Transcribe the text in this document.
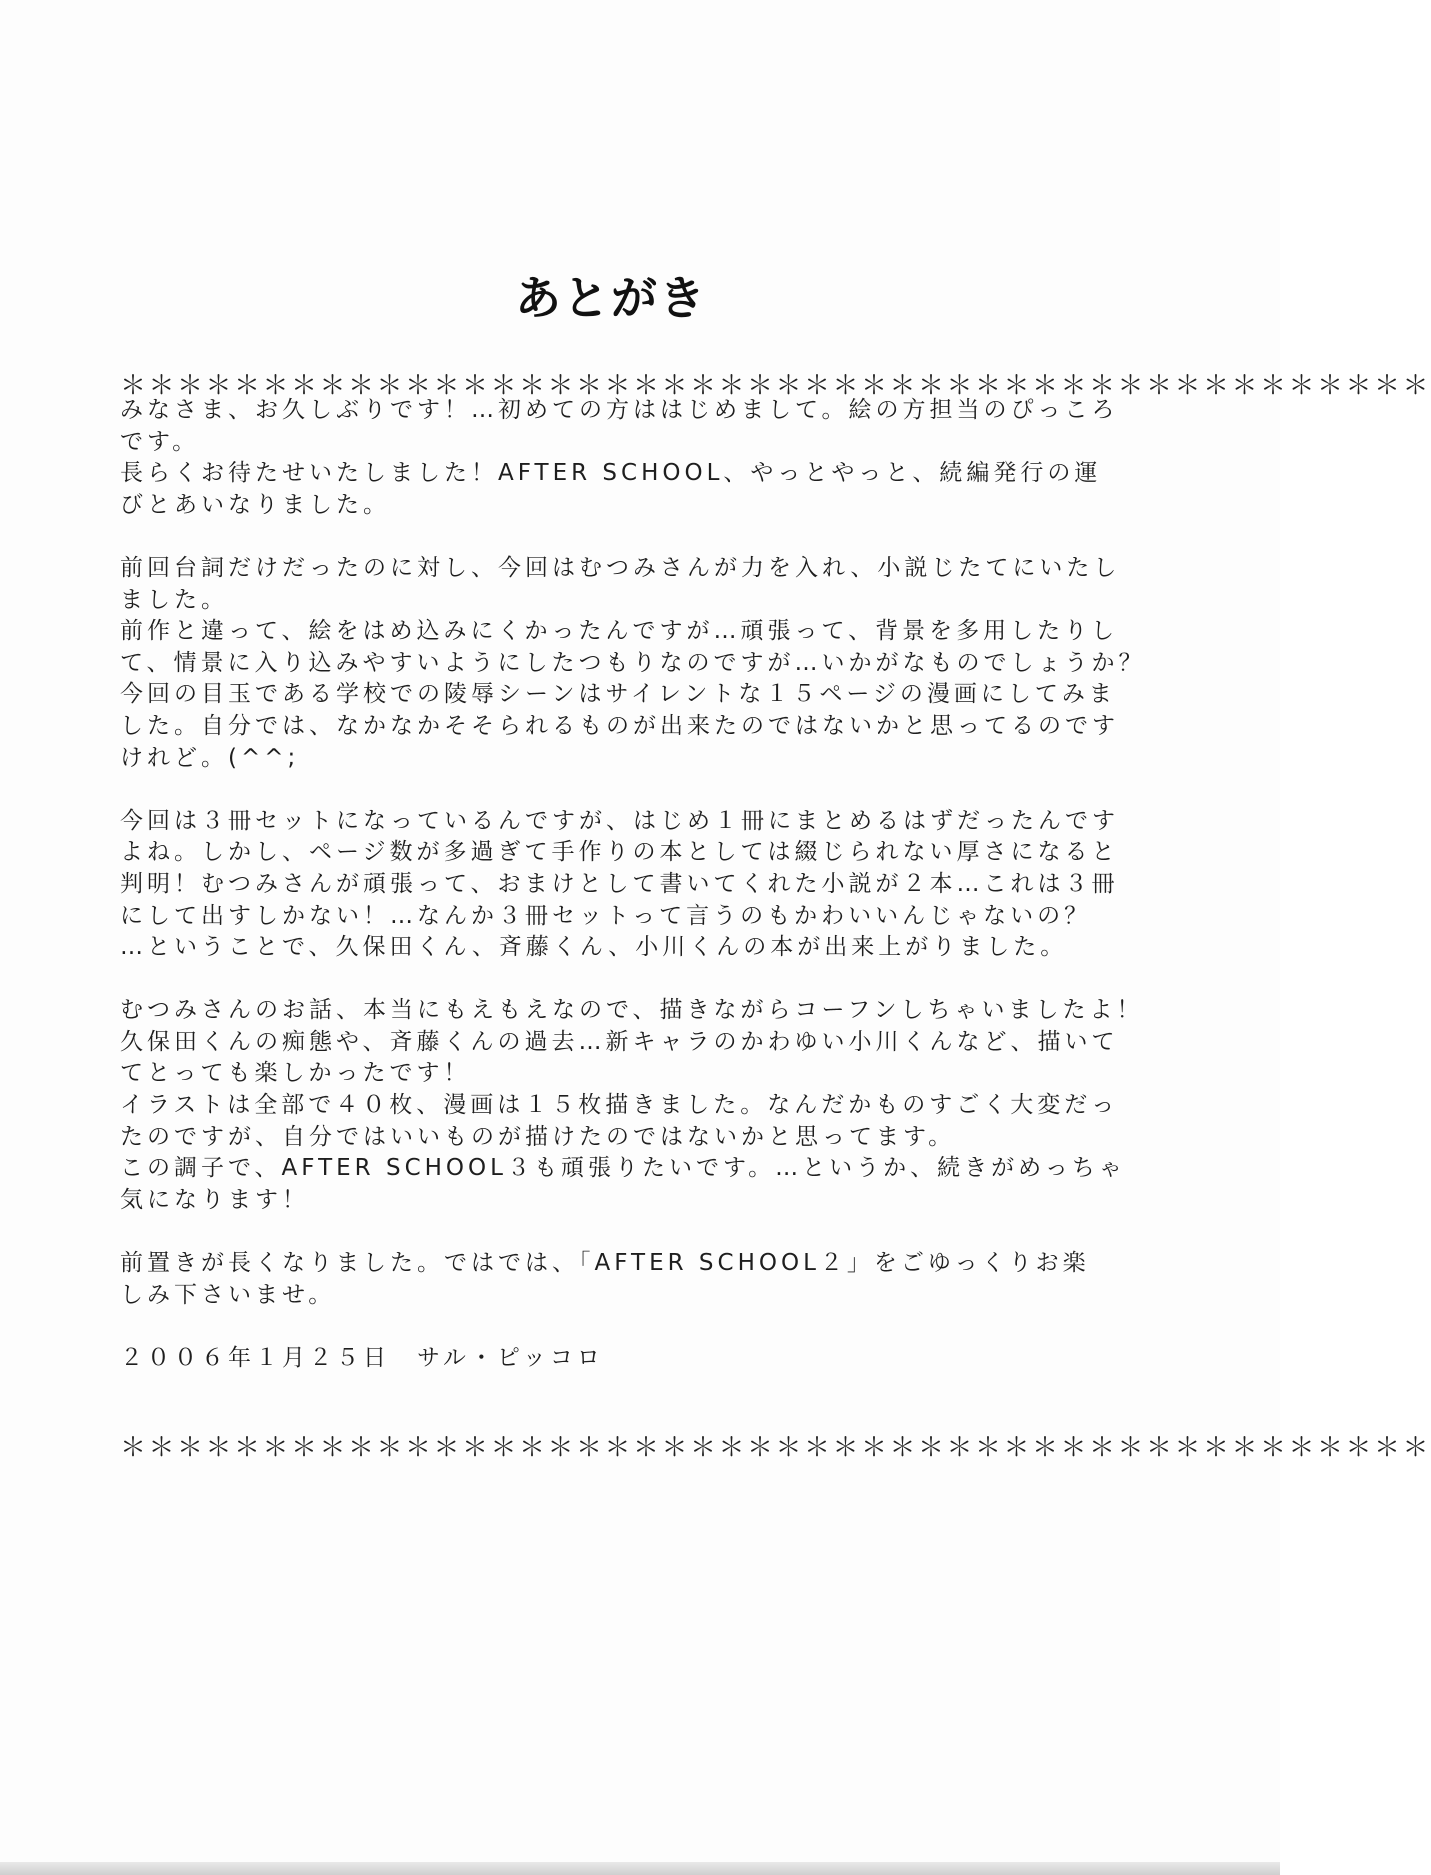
あとがき
＊＊＊＊＊＊＊＊＊＊＊＊＊＊＊＊＊＊＊＊＊＊＊＊＊＊＊＊＊＊＊＊＊＊＊＊＊＊＊＊＊＊＊＊＊＊
みなさま、お久しぶりです！…初めての方ははじめまして。絵の方担当のぴっころ
です。
長らくお待たせいたしました！AFTER SCHOOL、やっとやっと、続編発行の運
びとあいなりました。
前回台詞だけだったのに対し、今回はむつみさんが力を入れ、小説じたてにいたし
ました。
前作と違って、絵をはめ込みにくかったんですが…頑張って、背景を多用したりし
て、情景に入り込みやすいようにしたつもりなのですが…いかがなものでしょうか？
今回の目玉である学校での陵辱シーンはサイレントな１５ページの漫画にしてみま
した。自分では、なかなかそそられるものが出来たのではないかと思ってるのです
けれど。(^^;
今回は３冊セットになっているんですが、はじめ１冊にまとめるはずだったんです
よね。しかし、ページ数が多過ぎて手作りの本としては綴じられない厚さになると
判明！むつみさんが頑張って、おまけとして書いてくれた小説が２本…これは３冊
にして出すしかない！…なんか３冊セットって言うのもかわいいんじゃないの？
…ということで、久保田くん、斉藤くん、小川くんの本が出来上がりました。
むつみさんのお話、本当にもえもえなので、描きながらコーフンしちゃいましたよ！
久保田くんの痴態や、斉藤くんの過去…新キャラのかわゆい小川くんなど、描いて
てとっても楽しかったです！
イラストは全部で４０枚、漫画は１５枚描きました。なんだかものすごく大変だっ
たのですが、自分ではいいものが描けたのではないかと思ってます。
この調子で、AFTER SCHOOL３も頑張りたいです。…というか、続きがめっちゃ
気になります！
前置きが長くなりました。ではでは、「AFTER SCHOOL２」をごゆっくりお楽
しみ下さいませ。
２００６年１月２５日　サル・ピッコロ
＊＊＊＊＊＊＊＊＊＊＊＊＊＊＊＊＊＊＊＊＊＊＊＊＊＊＊＊＊＊＊＊＊＊＊＊＊＊＊＊＊＊＊＊＊＊
